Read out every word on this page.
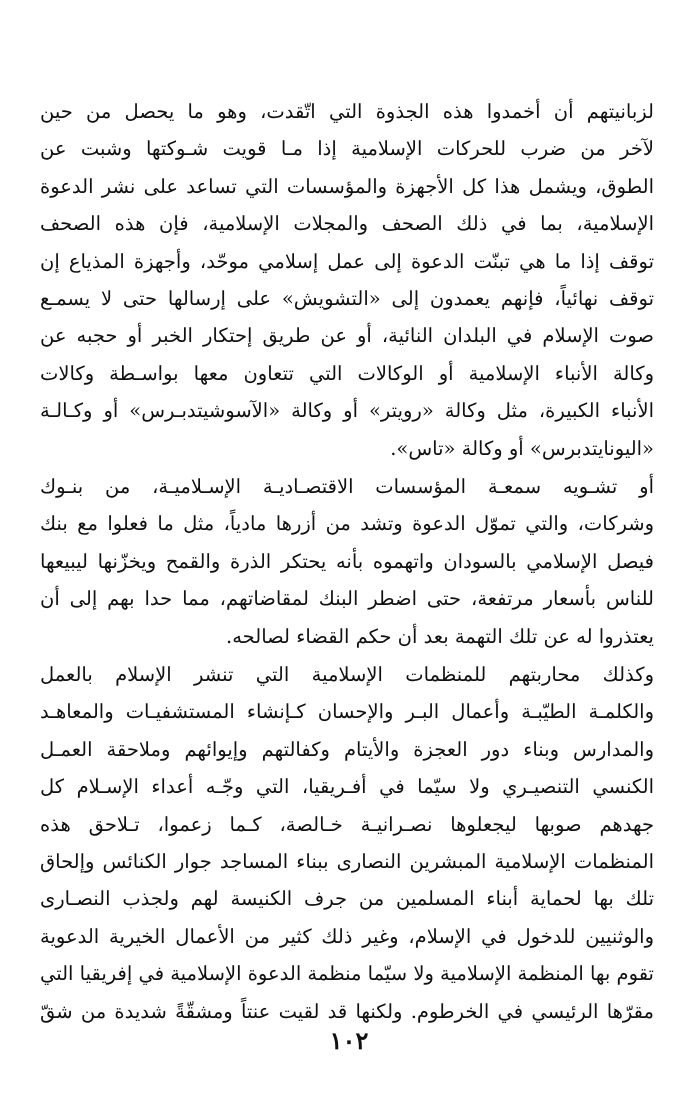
لزبانيتهم أن أخمدوا هذه الجذوة التي اتّقدت، وهو ما يحصل من حين
لآخر من ضرب للحركات الإسلامية إذا مـا قويت شـوكتها وشبت عن
الطوق، ويشمل هذا كل الأجهزة والمؤسسات التي تساعد على نشر الدعوة
الإسلامية، بما في ذلك الصحف والمجلات الإسلامية، فإن هذه الصحف
توقف إذا ما هي تبنّت الدعوة إلى عمل إسلامي موحّد، وأجهزة المذياع إن
توقف نهائياً، فإنهم يعمدون إلى «التشويش» على إرسالها حتى لا يسمـع
صوت الإسلام في البلدان النائية، أو عن طريق إحتكار الخبر أو حجبه عن
وكالة الأنباء الإسلامية أو الوكالات التي تتعاون معها بواسـطة وكالات
الأنباء الكبيرة، مثل وكالة «رويتر» أو وكالة «الآسوشيتدبـرس» أو وكـالـة
«اليونايتدبرس» أو وكالة «تاس».
أو تشـويه سمعـة المؤسسات الاقتصـاديـة الإسـلاميـة، من بنـوك
وشركات، والتي تموّل الدعوة وتشد من أزرها مادياً، مثل ما فعلوا مع بنك
فيصل الإسلامي بالسودان واتهموه بأنه يحتكر الذرة والقمح ويخزّنها ليبيعها
للناس بأسعار مرتفعة، حتى اضطر البنك لمقاضاتهم، مما حدا بهم إلى أن
يعتذروا له عن تلك التهمة بعد أن حكم القضاء لصالحه.
وكذلك محاربتهم للمنظمات الإسلامية التي تنشر الإسلام بالعمل
والكلمـة الطيّبـة وأعمال البـر والإحسان كـإنشاء المستشفيـات والمعاهـد
والمدارس وبناء دور العجزة والأيتام وكفالتهم وإيوائهم وملاحقة العمـل
الكنسي التنصيـري ولا سيّما في أفـريقيا، التي وجّـه أعداء الإسـلام كل
جهدهم صوبها ليجعلوها نصـرانيـة خـالصة، كـما زعموا، تـلاحق هذه
المنظمات الإسلامية المبشرين النصارى ببناء المساجد جوار الكنائس وإلحاق
تلك بها لحماية أبناء المسلمين من جرف الكنيسة لهم ولجذب النصـارى
والوثنيين للدخول في الإسلام، وغير ذلك كثير من الأعمال الخيرية الدعوية
تقوم بها المنظمة الإسلامية ولا سيّما منظمة الدعوة الإسلامية في إفريقيا التي
مقرّها الرئيسي في الخرطوم. ولكنها قد لقيت عنتاً ومشقّةً شديدة من شقّ
١٠٢
